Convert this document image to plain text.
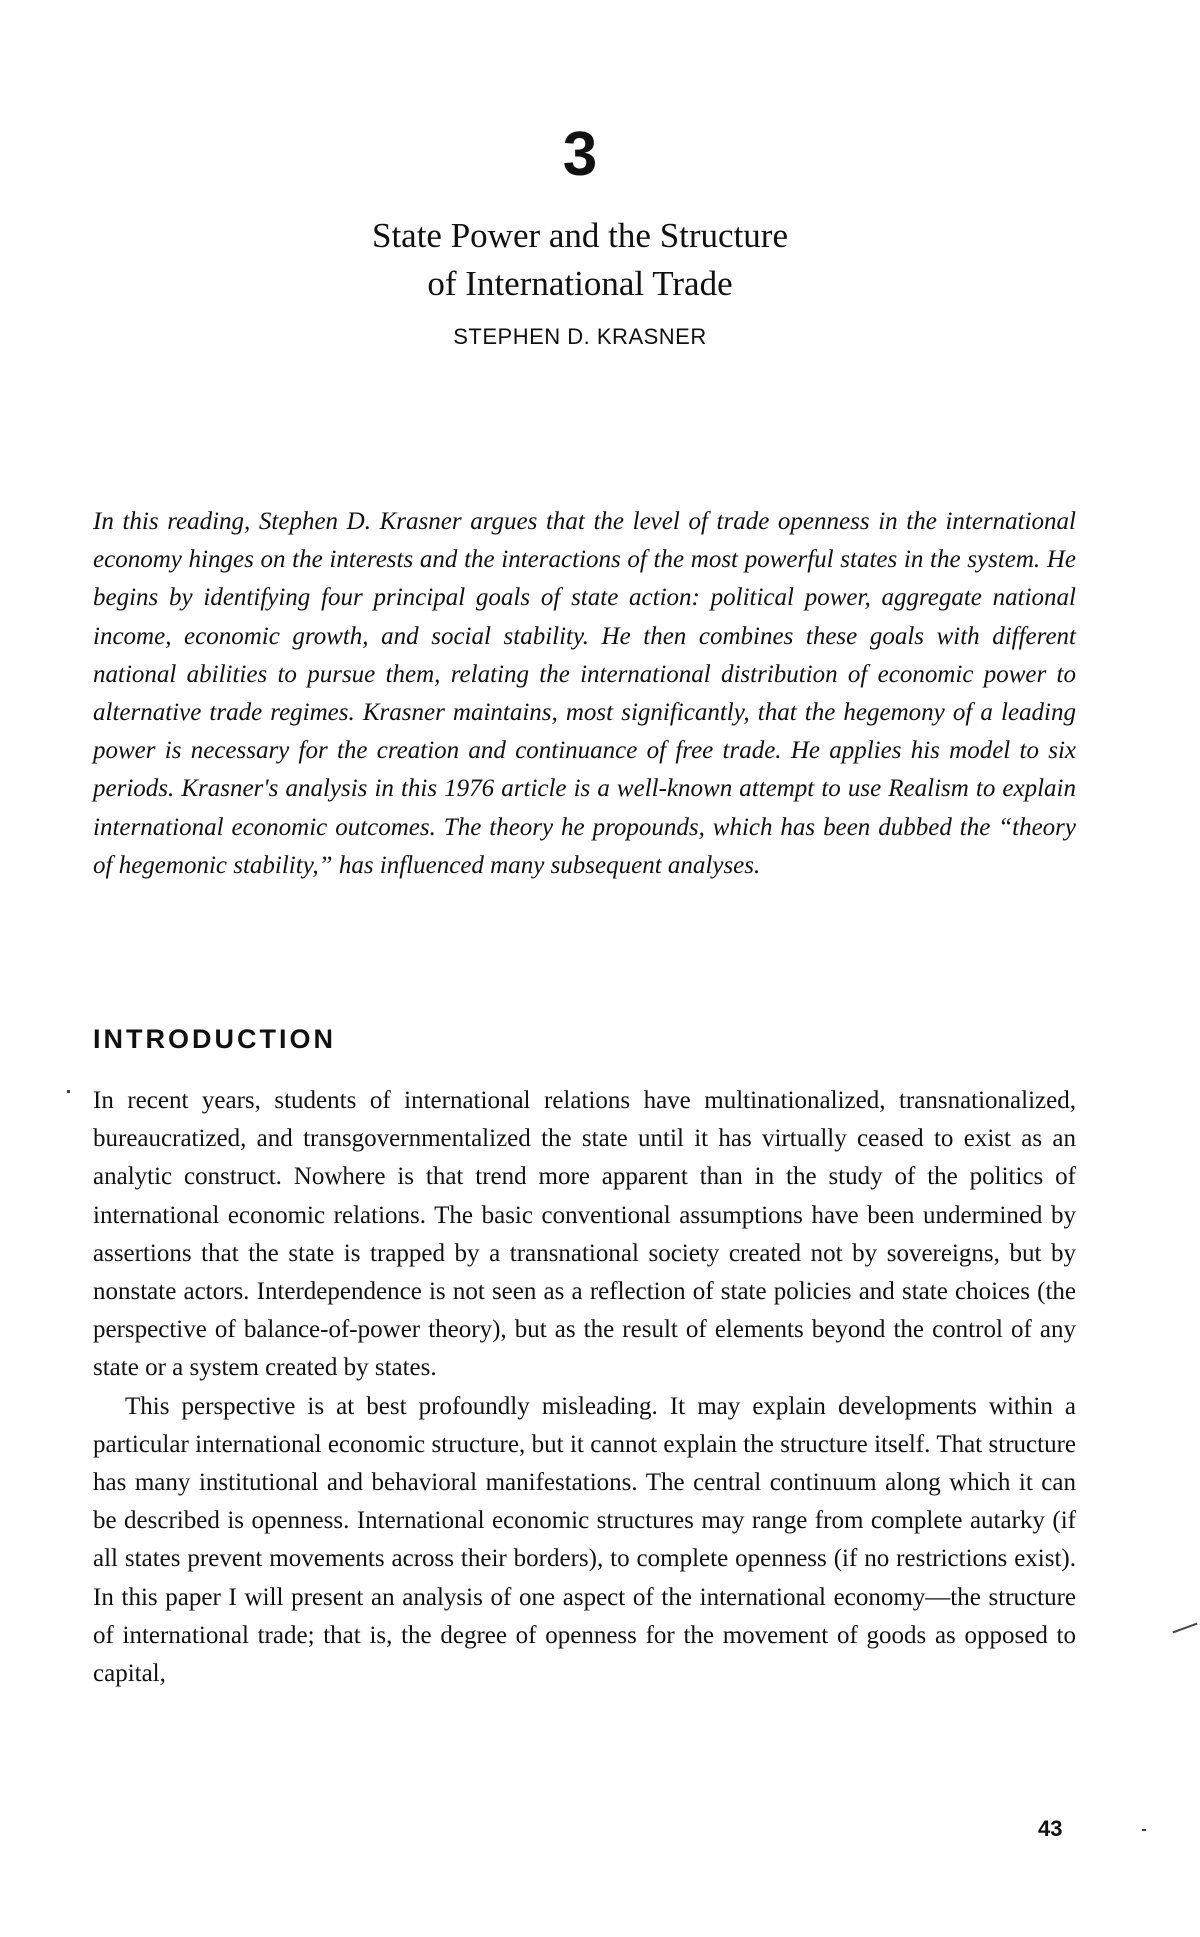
3
State Power and the Structure
of International Trade
STEPHEN D. KRASNER

In this reading, Stephen D. Krasner argues that the level of trade openness in the international economy hinges on the interests and the interactions of the most powerful states in the system. He begins by identifying four principal goals of state action: political power, aggregate national income, economic growth, and social stability. He then combines these goals with different national abilities to pursue them, relating the international distribution of economic power to alternative trade regimes. Krasner maintains, most significantly, that the hegemony of a leading power is necessary for the creation and continuance of free trade. He applies his model to six periods. Krasner's analysis in this 1976 article is a well-known attempt to use Realism to explain international economic outcomes. The theory he propounds, which has been dubbed the “theory of hegemonic stability,” has influenced many subsequent analyses.

INTRODUCTION

In recent years, students of international relations have multinationalized, transnationalized, bureaucratized, and transgovernmentalized the state until it has virtually ceased to exist as an analytic construct. Nowhere is that trend more apparent than in the study of the politics of international economic relations. The basic conventional assumptions have been undermined by assertions that the state is trapped by a transnational society created not by sovereigns, but by nonstate actors. Interdependence is not seen as a reflection of state policies and state choices (the perspective of balance-of-power theory), but as the result of elements beyond the control of any state or a system created by states.

This perspective is at best profoundly misleading. It may explain developments within a particular international economic structure, but it cannot explain the structure itself. That structure has many institutional and behavioral manifestations. The central continuum along which it can be described is openness. International economic structures may range from complete autarky (if all states prevent movements across their borders), to complete openness (if no restrictions exist). In this paper I will present an analysis of one aspect of the international economy—the structure of international trade; that is, the degree of openness for the movement of goods as opposed to capital,

43
